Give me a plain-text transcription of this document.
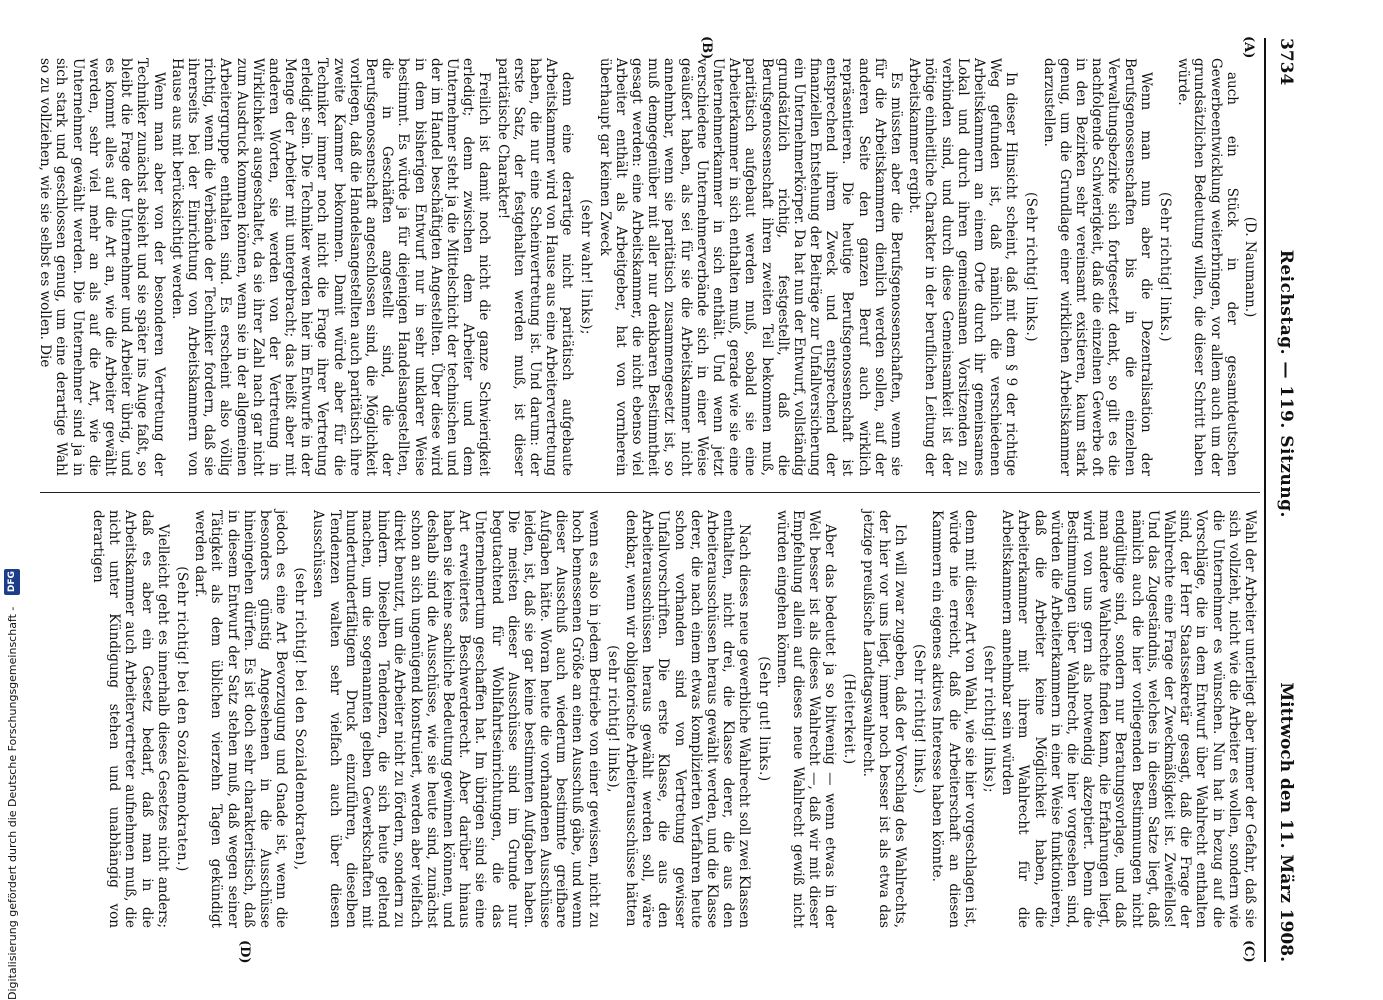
3734
Reichstag. — 119. Sitzung.
Mittwoch den 11. März 1908.
(A)
(B)
(C)
(D)

(D. Naumann.)

auch ein Stück in der gesamtdeutschen Gewerbeentwicklung weiterbringen, vor allem auch um der grundsätzlichen Bedeutung willen, die dieser Schritt haben würde.

(Sehr richtig! links.)

Wenn man nun aber die Dezentralisation der Berufsgenossenschaften bis in die einzelnen Verwaltungsbezirke sich fortgesetzt denkt, so gilt es die nachfolgende Schwierigkeit, daß die einzelnen Gewerbe oft in den Bezirken sehr vereinsamt existieren, kaum stark genug, um die Grundlage einer wirklichen Arbeitskammer darzustellen.

(Sehr richtig! links.)

In dieser Hinsicht scheint, daß mit dem § 9 der richtige Weg gefunden ist, daß nämlich die verschiedenen Arbeitskammern an einem Orte durch ihr gemeinsames Lokal und durch ihren gemeinsamen Vorsitzenden zu verbinden sind, und durch diese Gemeinsamkeit ist der nötige einheitliche Charakter in der beruflichen Leitung der Arbeitskammer ergibt.

Es müssten aber die Berufsgenossenschaften, wenn sie für die Arbeitskammern dienlich werden sollen, auf der anderen Seite den ganzen Beruf auch wirklich repräsentieren. Die heutige Berufsgenossenschaft ist entsprechend ihrem Zweck und entsprechend der finanziellen Entstehung der Beiträge zur Unfallversicherung ein Unternehmerkörper. Da hat nun der Entwurf, vollständig grundsätzlich richtig, festgestellt, daß die Berufsgenossenschaft ihren zweiten Teil bekommen muß, paritätisch aufgebaut werden muß, sobald sie eine Arbeiterkammer in sich enthalten muß, gerade wie sie eine Unternehmerkammer in sich enthält. Und wenn jetzt verschiedene Unternehmerverbände sich in einer Weise geäußert haben, als sei für sie die Arbeitskammer nicht annehmbar, wenn sie paritätisch zusammengesetzt ist, so muß demgegenüber mit aller nur denkbaren Bestimmtheit gesagt werden: eine Arbeitskammer, die nicht ebenso viel Arbeiter enthält als Arbeitgeber, hat von vornherein überhaupt gar keinen Zweck

(sehr wahr! links);

denn eine derartige nicht paritätisch aufgebaute Arbeitskammer wird von Hause aus eine Arbeitervertretung haben, die nur eine Scheinvertretung ist. Und darum: der erste Satz, der festgehalten werden muß, ist dieser paritätische Charakter!

Freilich ist damit noch nicht die ganze Schwierigkeit erledigt; denn zwischen dem Arbeiter und dem Unternehmer steht ja die Mittelschicht der technischen und der im Handel beschäftigten Angestellten. Über diese wird in dem bisherigen Entwurf nur in sehr unklarer Weise bestimmt. Es würde ja für diejenigen Handelsangestellten, die in Geschäften angestellt sind, die der Berufsgenossenschaft angeschlossen sind, die Möglichkeit vorliegen, daß die Handelsangestellten auch paritätisch ihre zweite Kammer bekommen. Damit würde aber für die Techniker immer noch nicht die Frage ihrer Vertretung erledigt sein. Die Techniker werden hier im Entwurfe in der Menge der Arbeiter mit untergebracht; das heißt aber mit anderen Worten, sie werden von der Vertretung in Wirklichkeit ausgeschaltet, da sie ihrer Zahl nach gar nicht zum Ausdruck kommen können, wenn sie in der allgemeinen Arbeitergruppe enthalten sind. Es erscheint also völlig richtig, wenn die Verbände der Techniker fordern, daß sie ihrerseits bei der Einrichtung von Arbeitskammern von Hause aus mit berücksichtigt werden.

Wenn man aber von der besonderen Vertretung der Techniker zunächst absieht und sie später ins Auge faßt, so bleibt die Frage der Unternehmer und Arbeiter übrig, und es kommt alles auf die Art an, wie die Arbeiter gewählt werden, sehr viel mehr an als auf die Art, wie die Unternehmer gewählt werden. Die Unternehmer sind ja in sich stark und geschlossen genug, um eine derartige Wahl so zu vollziehen, wie sie selbst es wollen. Die

Wahl der Arbeiter unterliegt aber immer der Gefahr, daß sie sich vollzieht, nicht wie die Arbeiter es wollen, sondern wie die Unternehmer es wünschen. Nun hat in bezug auf die Vorschläge, die in dem Entwurf über Wahlrecht enthalten sind, der Herr Staatssekretär gesagt, daß die Frage der Wahlrechte eine Frage der Zweckmäßigkeit ist. Zweifellos! Und das Zugeständnis, welches in diesem Satze liegt, daß nämlich auch die hier vorliegenden Bestimmungen nicht endgültige sind, sondern nur Beratungsvorlage, und daß man andere Wahlrechte finden kann, die Erfahrungen liegt, wird von uns gern als notwendig akzeptiert. Denn die Bestimmungen über Wahlrecht, die hier vorgesehen sind, würden die Arbeiterkammern in einer Weise funktionieren, daß die Arbeiter keine Möglichkeit haben, die Arbeiterkammer mit ihrem Wahlrecht für die Arbeitskammern annehmbar sein würden

(sehr richtig! links);

denn mit dieser Art von Wahl, wie sie hier vorgeschlagen ist, würde nie erreicht, daß die Arbeiterschaft an diesen Kammern ein eigenes aktives Interesse haben könnte.

(Sehr richtig! links.)

Ich will zwar zugeben, daß der Vorschlag des Wahlrechts, der hier vor uns liegt, immer noch besser ist als etwa das jetzige preußische Landtagswahlrecht.

(Heiterkeit.)

Aber das bedeutet ja so bitwenig — wenn etwas in der Welt besser ist als dieses Wahlrecht —, daß wir mit dieser Empfehlung allein auf dieses neue Wahlrecht gewiß nicht würden eingehen können.

(Sehr gut! links.)

Nach dieses neue gewerbliche Wahlrecht soll zwei Klassen enthalten, nicht drei, die Klasse derer, die aus den Arbeiterausschüssen heraus gewählt werden, und die Klasse derer, die nach einem etwas komplizierten Verfahren heute schon vorhanden sind von Vertretung gewisser Unfallvorschriften. Die erste Klasse, die aus den Arbeiterausschüssen heraus gewählt werden soll, wäre denkbar, wenn wir obligatorische Arbeiterausschüsse hätten

(sehr richtig! links),

wenn es also in jedem Betriebe von einer gewissen, nicht zu hoch bemessenen Größe an einen Ausschuß gäbe, und wenn dieser Ausschuß auch wiederum bestimmte greifbare Aufgaben hätte. Woran heute die vorhandenen Ausschüsse leiden, ist, daß sie gar keine bestimmten Aufgaben haben. Die meisten dieser Ausschüsse sind im Grunde nur begutachtend für Wohlfahrtseinrichtungen, die das Unternehmertum geschaffen hat. Im übrigen sind sie eine Art erweitertes Beschwerderecht. Aber darüber hinaus haben sie keine sachliche Bedeutung gewinnen können, und deshalb sind die Ausschüsse, wie sie heute sind, zunächst schon an sich ungenügend konstruiert, werden aber vielfach direkt benutzt, um die Arbeiter nicht zu fördern, sondern zu hindern. Dieselben Tendenzen, die sich heute geltend machen, um die sogenannten gelben Gewerkschaften mit hundertundertfältigem Druck einzuführen, dieselben Tendenzen walten sehr vielfach auch über diesen Ausschüssen

(sehr richtig! bei den Sozialdemokraten),

jedoch es eine Art Bevorzugung und Gnade ist, wenn die besonders günstig Angesehenen in die Ausschüsse hineingehen dürfen. Es ist doch sehr charakteristisch, daß in diesem Entwurf der Satz stehen muß, daß wegen seiner Tätigkeit als dem üblichen vierzehn Tagen gekündigt werden darf.

(Sehr richtig! bei den Sozialdemokraten.)

Vielleicht geht es innerhalb dieses Gesetzes nicht anders; daß es aber ein Gesetz bedarf, daß man in die Arbeitskammer auch Arbeitervertreter aufnehmen muß, die nicht unter Kündigung stehen und unabhängig von derartigen

Digitalisierung gefördert durch die Deutsche Forschungsgemeinschaft -
DFG
